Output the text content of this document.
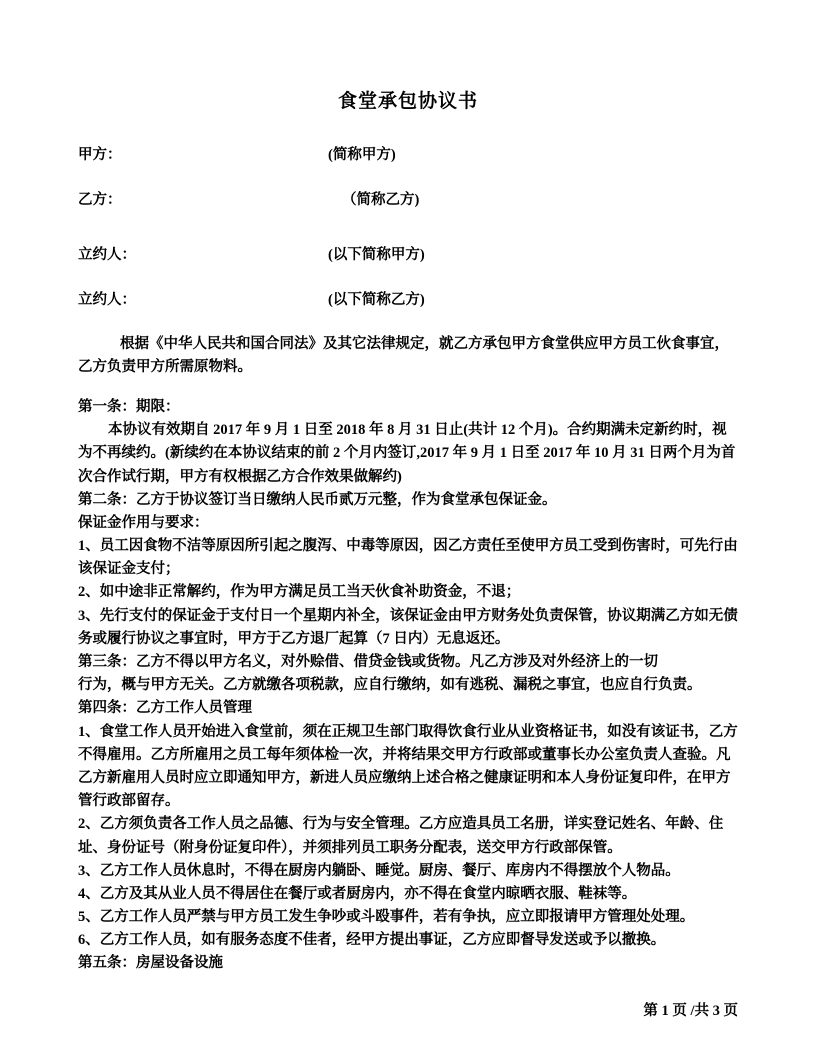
食堂承包协议书
甲方：	(简称甲方)
乙方：	（简称乙方)
立约人：	(以下简称甲方)
立约人：	(以下简称乙方)
根据《中华人民共和国合同法》及其它法律规定，就乙方承包甲方食堂供应甲方员工伙食事宜，乙方负责甲方所需原物料。
第一条：期限：

本协议有效期自 2017 年 9 月 1 日至 2018 年 8 月 31 日止(共计 12 个月)。合约期满未定新约时，视为不再续约。(新续约在本协议结束的前 2 个月内签订,2017 年 9 月 1 日至 2017 年 10 月 31 日两个月为首次合作试行期，甲方有权根据乙方合作效果做解约)

第二条：乙方于协议签订当日缴纳人民币贰万元整，作为食堂承包保证金。

保证金作用与要求：

1、员工因食物不洁等原因所引起之腹泻、中毒等原因，因乙方责任至使甲方员工受到伤害时，可先行由该保证金支付；

2、如中途非正常解约，作为甲方满足员工当天伙食补助资金，不退；

3、先行支付的保证金于支付日一个星期内补全，该保证金由甲方财务处负责保管，协议期满乙方如无债务或履行协议之事宜时，甲方于乙方退厂起算（7 日内）无息返还。

第三条：乙方不得以甲方名义，对外赊借、借贷金钱或货物。凡乙方涉及对外经济上的一切

行为，概与甲方无关。乙方就缴各项税款，应自行缴纳，如有逃税、漏税之事宜，也应自行负责。

第四条：乙方工作人员管理

1、食堂工作人员开始进入食堂前，须在正规卫生部门取得饮食行业从业资格证书，如没有该证书，乙方不得雇用。乙方所雇用之员工每年须体检一次，并将结果交甲方行政部或董事长办公室负责人查验。凡乙方新雇用人员时应立即通知甲方，新进人员应缴纳上述合格之健康证明和本人身份证复印件，在甲方管行政部留存。

2、乙方须负责各工作人员之品德、行为与安全管理。乙方应造具员工名册，详实登记姓名、年龄、住址、身份证号（附身份证复印件），并须排列员工职务分配表，送交甲方行政部保管。

3、乙方工作人员休息时，不得在厨房内躺卧、睡觉。厨房、餐厅、库房内不得摆放个人物品。

4、乙方及其从业人员不得居住在餐厅或者厨房内，亦不得在食堂内晾晒衣服、鞋袜等。

5、乙方工作人员严禁与甲方员工发生争吵或斗殴事件，若有争执，应立即报请甲方管理处处理。

6、乙方工作人员，如有服务态度不佳者，经甲方提出事证，乙方应即督导发送或予以撤换。

第五条：房屋设备设施
第 1 页 /共 3 页
